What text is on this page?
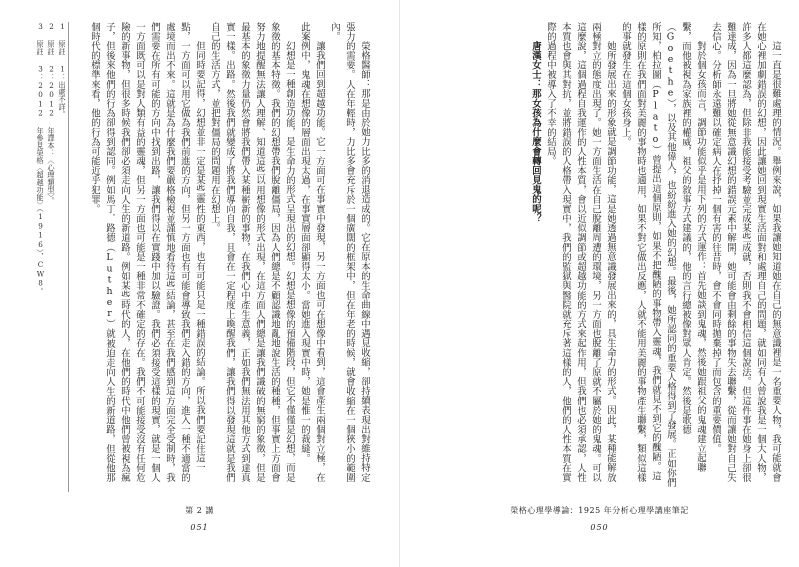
榮格醫師：那是由於她力比多的消退造成的。它在原本的生命曲線中遇見收縮，卻持續表現出對維持特定張力的需要。人在年輕時，力比多會充斥於一個廣闊的框架中，但在年老的時候，就會收縮在一個狹小的範圍內。

讓我們回到超越功能。它一方面可在事實中發現，另一方面也可在想像中看到，這會產生兩個對立極，在此案例中，鬼魂在想像的層面出現太過，在事實層面卻顯得太小。當她進入現實中時，她是惟一的裁縫。

幻想是一種創造功能，是生命力的形式呈現出的幻想。幻想是想像的預備階段，但它不僅僅是幻想，而是象徵的基本特徵。我們的幻想帶我們脫離僵局，因為人們總是不顧認識地亂地說生活的種種，但事實上方面會努力地提醒無法讓人理解、知道這些以用想像的形式出現，在這方面人們總是讓我們識破的無窮的象徵，但是最基本的象徵力量仍然會將我們帶入某種嶄新的事物，在我們心中產生意義，正如我們無法用其他方式到達真實一樣。出路。然後我們就變成了將我們導向自我，且會在一定程度上喚醒我們，讓我們得以發現這就是我們自己的生活方式，並把對僵局的問題用在幻想上。

但同時要記得，幻想並非一定是某些靈性的東西，也有可能只是一種錯誤的結論。所以我們要記住這一點，一方面可以用它做為我們前進的方向，但另一方面也有可能會導致我們走入錯的方向，進入一種不適當的處境而出不來。這就是為什麼我們要嚴格檢視並謹慎地看待這些結論，甚至在我們感到這方面完全受制時，我們需要在所有可能的方向中找到出路，讓我們得以在實踐中加以驗證。我們必須接受這樣的現實，就是一個人一方面既可以是對人類有益的靈魂，但另一方面也可能是一種非常不確定的存在。我們不可能接受沒有任何危險的新事物，但很多時候我們卻必須走向人生的新道路。例如某些時代的人，在他們的時代中他們曾被視為瘋子，但後來他們的行為卻得到認同。例如馬丁．路德（Luther）就被迫走向人生的新道路，但從他那個時代的標準來看，他的行為可能近乎犯罪。

1 原註 1：出處不詳。

2 原註 2：2012 年譯本：〈心理類型〉。

3 原註 3：2012 年參見榮格〈超越功能〉（1916），CW8。

第 2 講
051

這一直是很難處理的情況。舉例來說，如果我讓她知道她在自己的無意識裡是一名重要人物，我可能就會在她心裡加劇錯誤的幻想，因此讓她回到現實生活面對和處理自己的問題，就如同有人曾說我是一個大人物，許多人都這麼認為，但除非我能接受考驗並完成某些成就，否則我不會相信這個說法。但這件事在她身上卻很難達成，因為一旦將她從無意識幻想的錯誤元素中解開，她可能會由剩餘的事物失去聯繫，從而讓她對自己失去信心。分析師永遠難以確定病人在抒掉一個有害的往昔時，會不會同時拋棄掉了而包含的重要價值。

對於個女孩而言，調節功能似乎是用下列的方式運作：首先她談到鬼魂，然後她跟祖父的鬼魂建立起聯繫，而他被視為家族裡的權威，祖父的敘事方式建議的，他的言行總被像對眾人肯定。然後是歌德（Goethe），以及其他偉人，也紛紛進入她的幻想。最後，她所認同的重要人格得到了發展。正如你們所知，柏拉圖（Plato）曾提出這個原則，如果不把醜陋的事物帶入靈魂，我們就見不到它的醜陋。這樣的原則在我們面對美麗的事物時也適用，如果不對它做出反應，人就不能用美麗的事物產生聯繫，類似這樣的事就發生在這個女孩身上。

她所發展出來的形象就是調節功能，這是她透過無意識發展出來的，具生命力的形式。因此，某種能解放兩極對立的態度出現了。她一方面生活在自己脫離周遭的環境，另一方面也脫離了原就不屬於她的鬼魂。可以這麼說，這個過程自我運作的人性本質，會以近似調節或超越功能的方式來起作用，但我們也必須承認，人性本質也會與其對抗，並將錯誤的人格帶入現實中，我們的監獄與醫院就充斥著這樣的人，他們的人性本質在實際的過程中被導入了不幸的結局。

唐漢女士：那女孩為什麼會轉回見鬼的呢？

榮格心理學導論：1925 年分析心理學講座筆記
050
